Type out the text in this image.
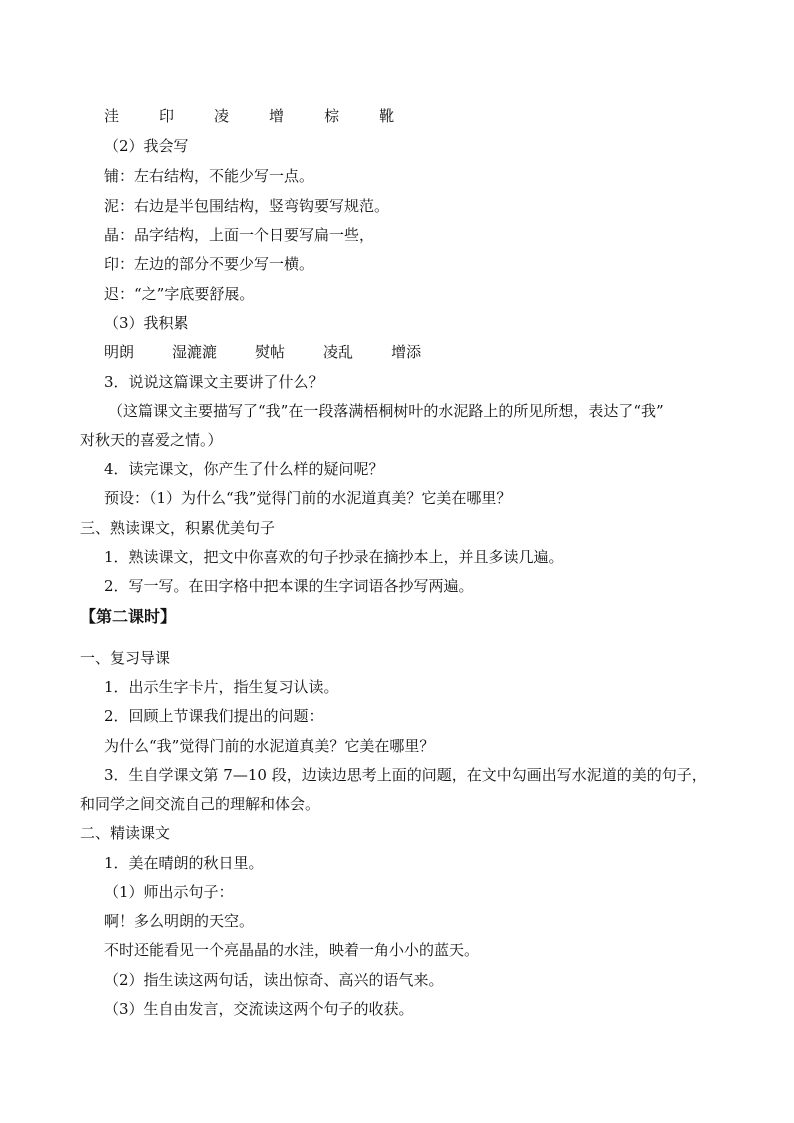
洼	印	凌	增	棕	靴
（2）我会写
铺：左右结构，不能少写一点。
泥：右边是半包围结构，竖弯钩要写规范。
晶：品字结构，上面一个日要写扁一些，
印：左边的部分不要少写一横。
迟：“之”字底要舒展。
（3）我积累
明朗	湿漉漉	熨帖	凌乱	增添
3．说说这篇课文主要讲了什么？
（这篇课文主要描写了“我”在一段落满梧桐树叶的水泥路上的所见所想，表达了“我”
对秋天的喜爱之情。）
4．读完课文，你产生了什么样的疑问呢？
预设：（1）为什么“我”觉得门前的水泥道真美？它美在哪里？
三、熟读课文，积累优美句子
1．熟读课文，把文中你喜欢的句子抄录在摘抄本上，并且多读几遍。
2．写一写。在田字格中把本课的生字词语各抄写两遍。
【第二课时】
一、复习导课
1．出示生字卡片，指生复习认读。
2．回顾上节课我们提出的问题：
为什么“我”觉得门前的水泥道真美？它美在哪里？
3．生自学课文第 7—10 段，边读边思考上面的问题，在文中勾画出写水泥道的美的句子，
和同学之间交流自己的理解和体会。
二、精读课文
1．美在晴朗的秋日里。
（1）师出示句子：
啊！多么明朗的天空。
不时还能看见一个亮晶晶的水洼，映着一角小小的蓝天。
（2）指生读这两句话，读出惊奇、高兴的语气来。
（3）生自由发言，交流读这两个句子的收获。
